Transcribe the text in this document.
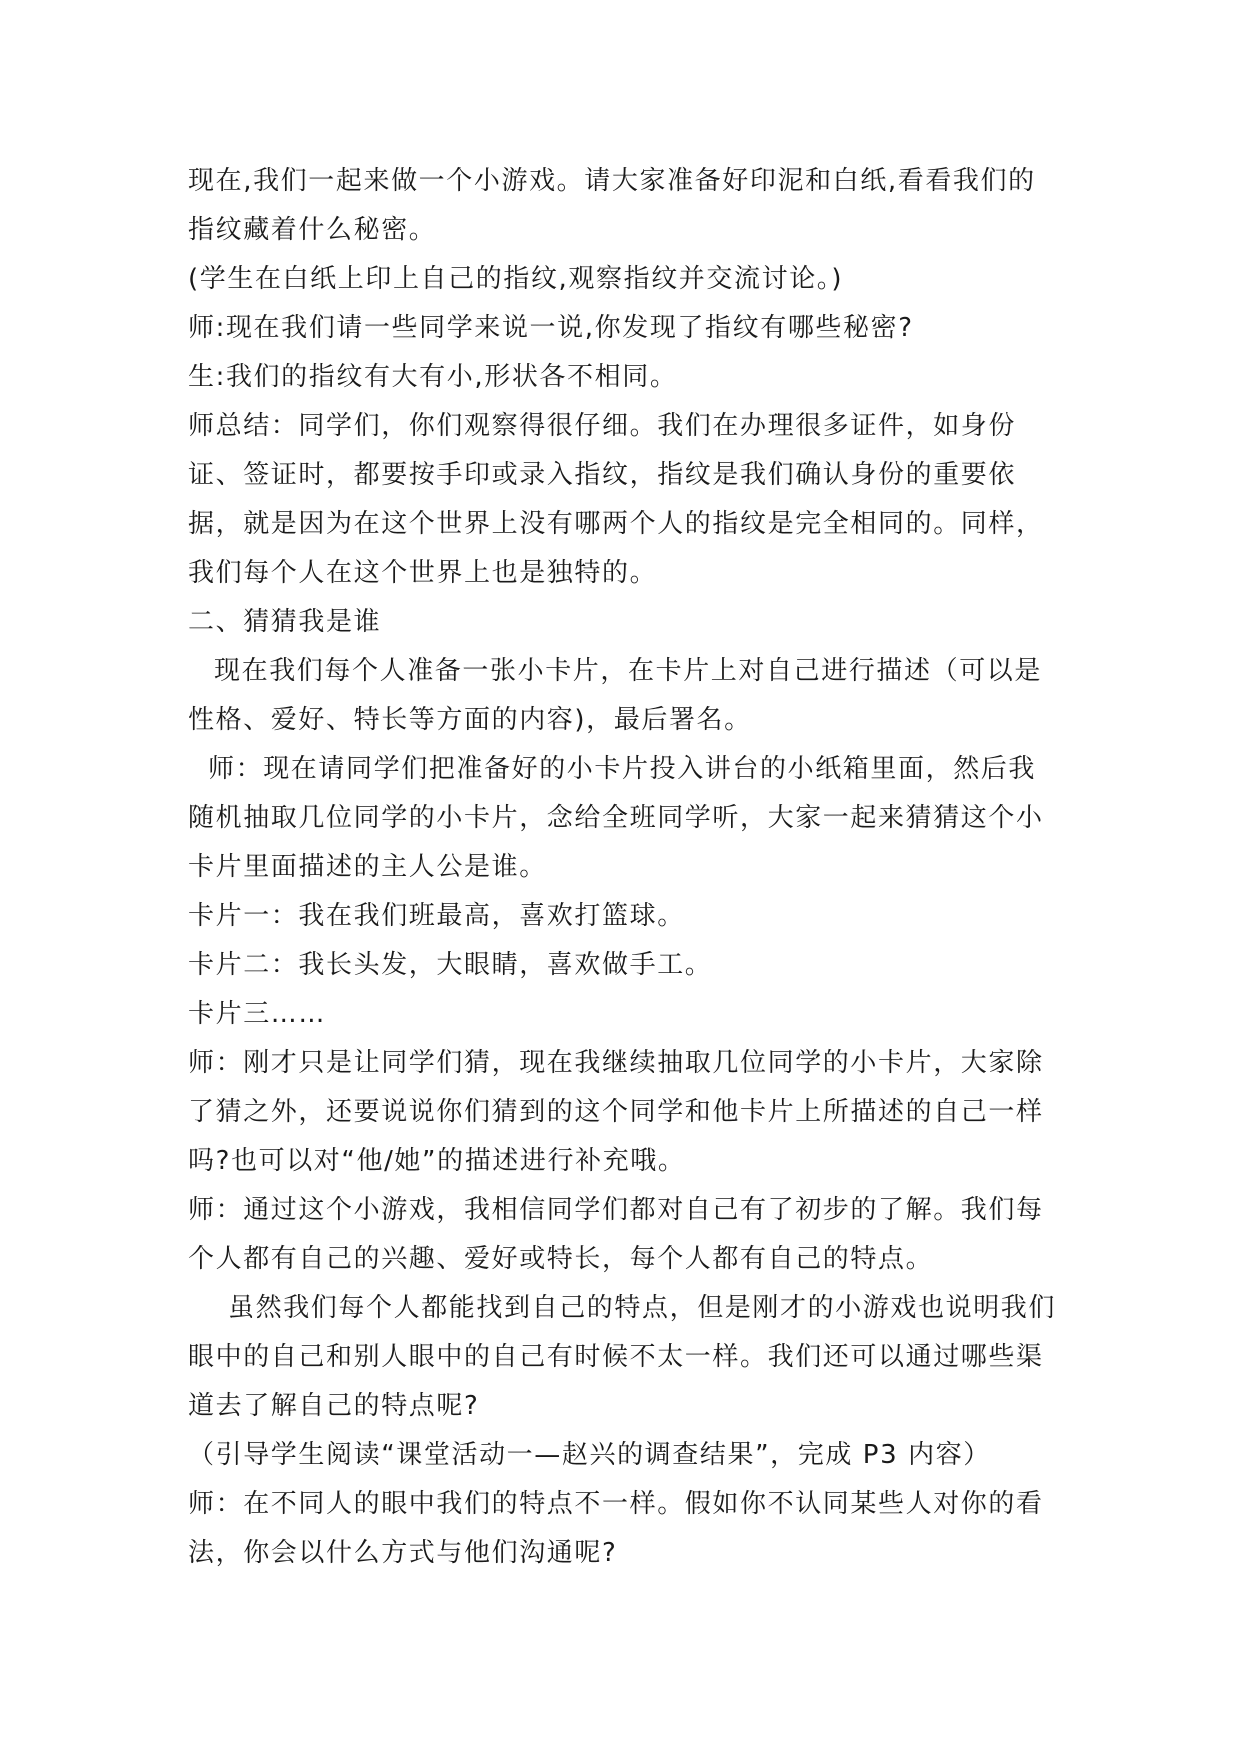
现在,我们一起来做一个小游戏。请大家准备好印泥和白纸,看看我们的指纹藏着什么秘密。

(学生在白纸上印上自己的指纹,观察指纹并交流讨论。)

师:现在我们请一些同学来说一说,你发现了指纹有哪些秘密?

生:我们的指纹有大有小,形状各不相同。

师总结：同学们，你们观察得很仔细。我们在办理很多证件，如身份证、签证时，都要按手印或录入指纹，指纹是我们确认身份的重要依据，就是因为在这个世界上没有哪两个人的指纹是完全相同的。同样，我们每个人在这个世界上也是独特的。

二、猜猜我是谁

现在我们每个人准备一张小卡片，在卡片上对自己进行描述（可以是性格、爱好、特长等方面的内容)，最后署名。

师：现在请同学们把准备好的小卡片投入讲台的小纸箱里面，然后我随机抽取几位同学的小卡片，念给全班同学听，大家一起来猜猜这个小卡片里面描述的主人公是谁。

卡片一：我在我们班最高，喜欢打篮球。

卡片二：我长头发，大眼睛，喜欢做手工。

卡片三……

师：刚才只是让同学们猜，现在我继续抽取几位同学的小卡片，大家除了猜之外，还要说说你们猜到的这个同学和他卡片上所描述的自己一样吗?也可以对“他/她”的描述进行补充哦。

师：通过这个小游戏，我相信同学们都对自己有了初步的了解。我们每个人都有自己的兴趣、爱好或特长，每个人都有自己的特点。

虽然我们每个人都能找到自己的特点，但是刚才的小游戏也说明我们眼中的自己和别人眼中的自己有时候不太一样。我们还可以通过哪些渠道去了解自己的特点呢?

（引导学生阅读“课堂活动一—赵兴的调查结果”，完成 P3 内容）

师：在不同人的眼中我们的特点不一样。假如你不认同某些人对你的看法，你会以什么方式与他们沟通呢?
